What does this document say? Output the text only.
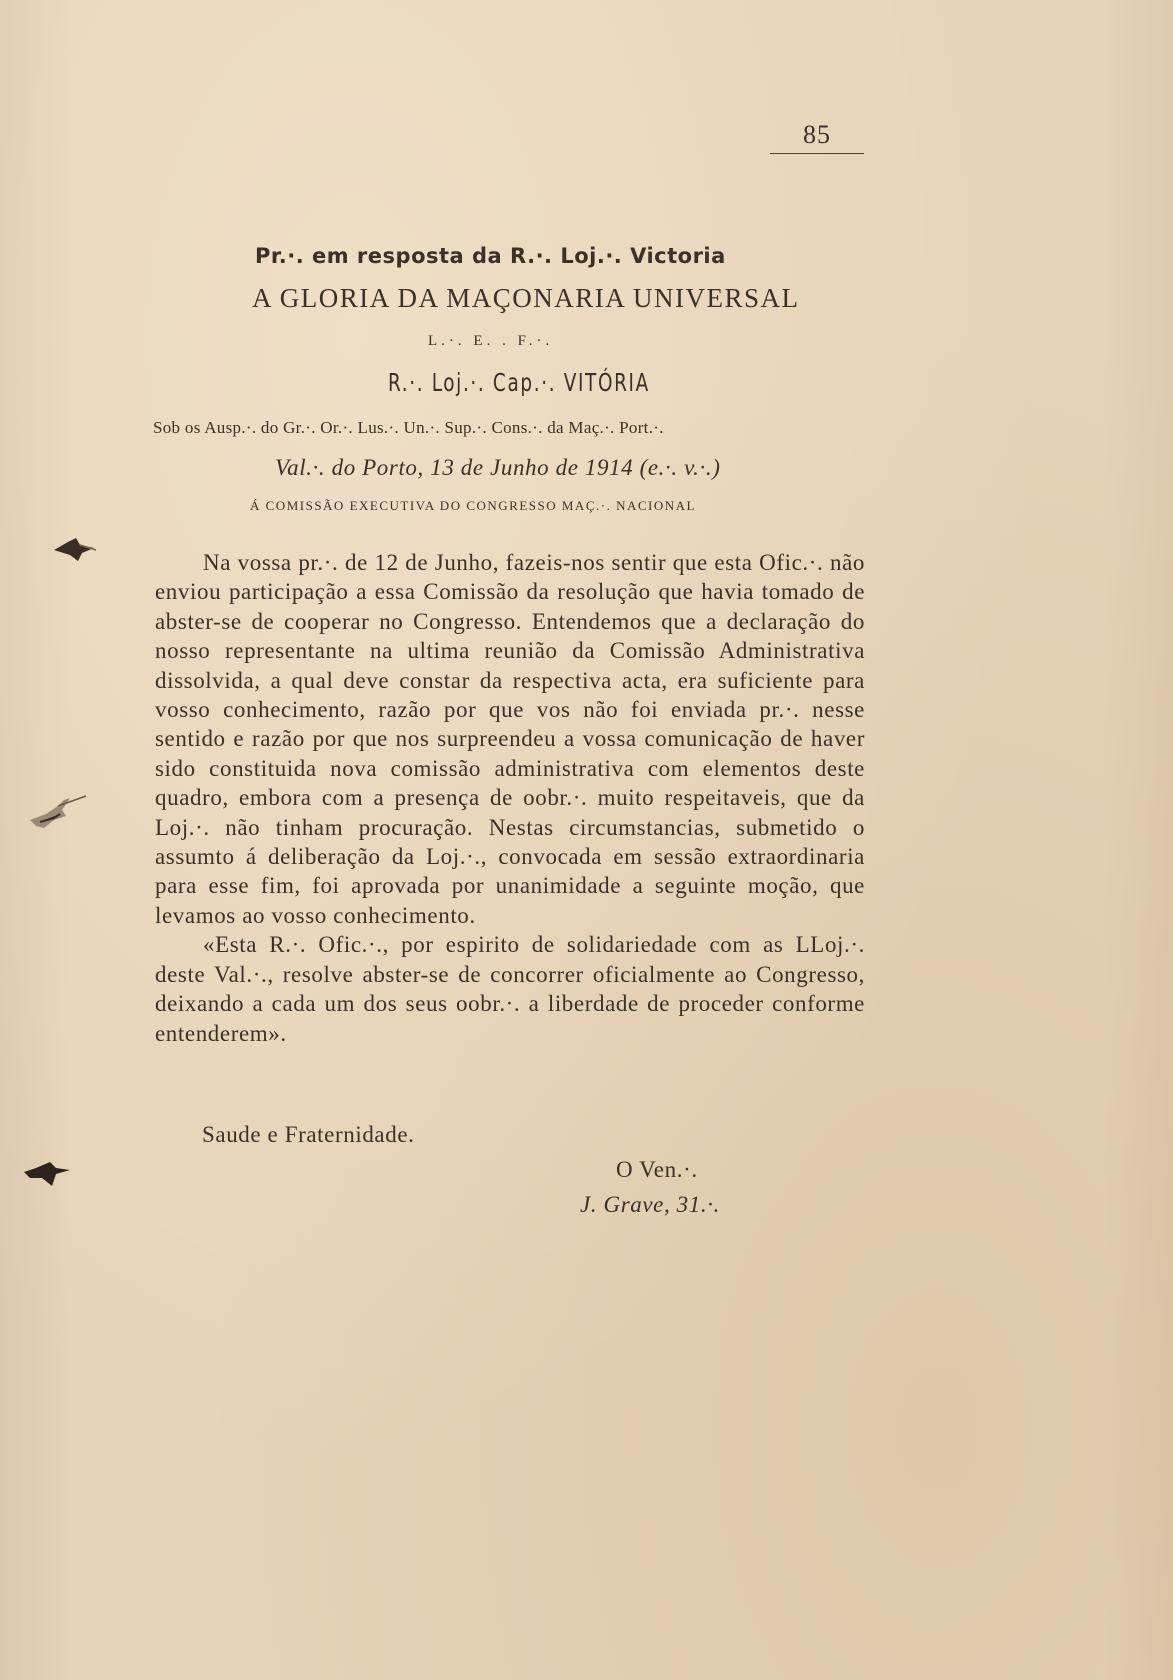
85
Pr.·. em resposta da R.·. Loj.·. Victoria
A GLORIA DA MAÇONARIA UNIVERSAL
L.·. E. . F.·.
R.·. Loj.·. Cap.·. VITÓRIA
Sob os Ausp.·. do Gr.·. Or.·. Lus.·. Un.·. Sup.·. Cons.·. da Maç.·. Port.·.
Val.·. do Porto, 13 de Junho de 1914 (e.·. v.·.)
Á COMISSÃO EXECUTIVA DO CONGRESSO MAÇ.·. NACIONAL

Na vossa pr.·. de 12 de Junho, fazeis-nos sentir que esta Ofic.·. não enviou participação a essa Comissão da resolução que havia tomado de abster-se de cooperar no Congresso. Entendemos que a declaração do nosso representante na ultima reunião da Comissão Administrativa dissolvida, a qual deve constar da respectiva acta, era suficiente para vosso conhecimento, razão por que vos não foi enviada pr.·. nesse sentido e razão por que nos surpreendeu a vossa comunicação de haver sido constituida nova comissão administrativa com elementos deste quadro, embora com a presença de oobr.·. muito respeitaveis, que da Loj.·. não tinham procuração. Nestas circumstancias, submetido o assumto á deliberação da Loj.·., convocada em sessão extraordinaria para esse fim, foi aprovada por unanimidade a seguinte moção, que levamos ao vosso conhecimento.

«Esta R.·. Ofic.·., por espirito de solidariedade com as LLoj.·. deste Val.·., resolve abster-se de concorrer oficialmente ao Congresso, deixando a cada um dos seus oobr.·. a liberdade de proceder conforme entenderem».

Saude e Fraternidade.
O Ven.·.
J. Grave, 31.·.
